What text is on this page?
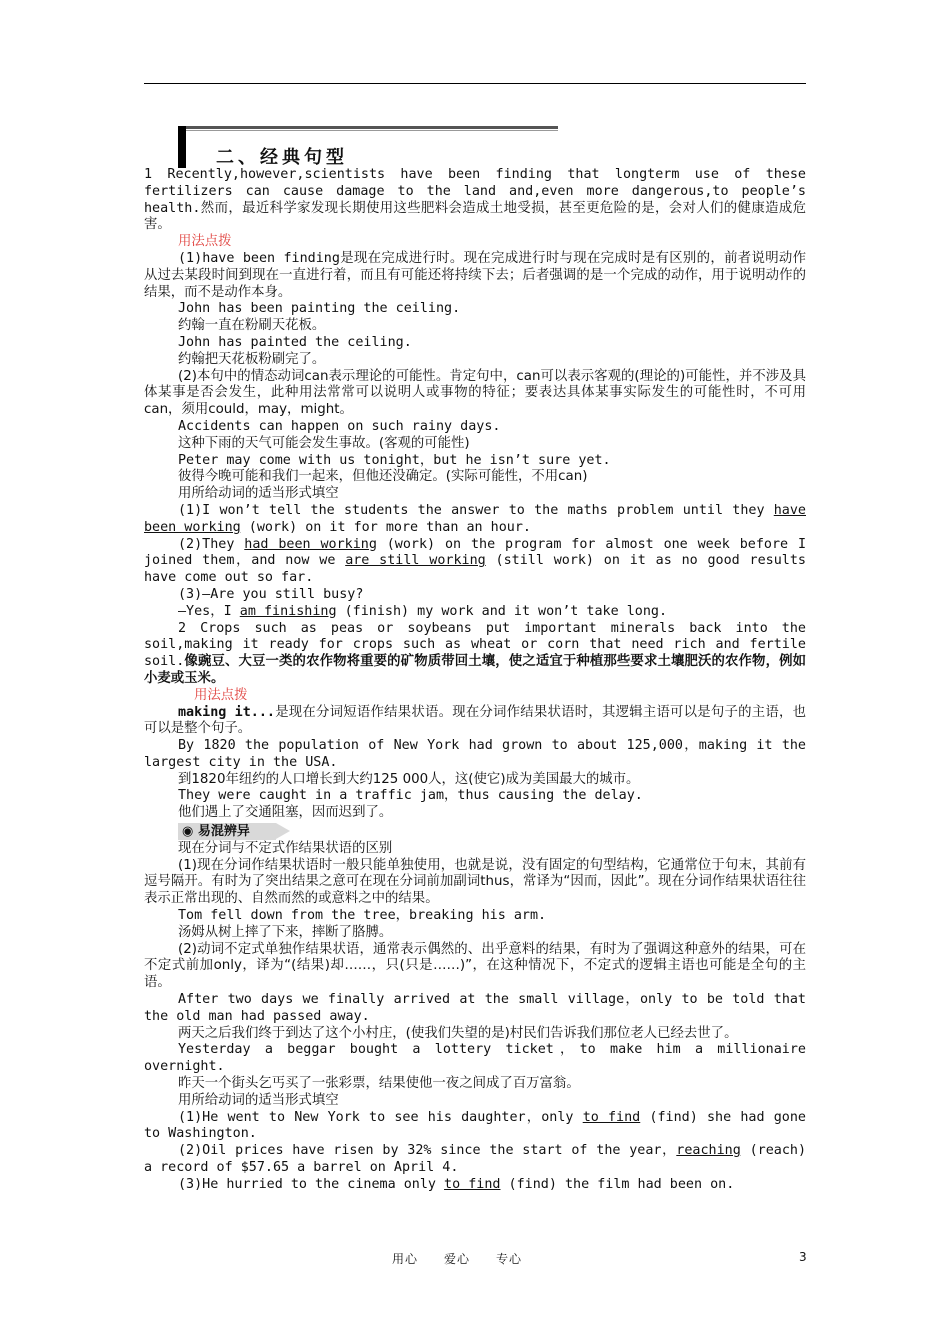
二、经典句型

1 Recently,however,scientists have been finding that longterm use of these fertilizers can cause damage to the land and,even more dangerous,to people’s health.然而，最近科学家发现长期使用这些肥料会造成土地受损，甚至更危险的是，会对人们的健康造成危害。

用法点拨

(1)have been finding是现在完成进行时。现在完成进行时与现在完成时是有区别的，前者说明动作从过去某段时间到现在一直进行着，而且有可能还将持续下去；后者强调的是一个完成的动作，用于说明动作的结果，而不是动作本身。

John has been painting the ceiling.

约翰一直在粉刷天花板。

John has painted the ceiling.

约翰把天花板粉刷完了。

(2)本句中的情态动词can表示理论的可能性。肯定句中，can可以表示客观的(理论的)可能性，并不涉及具体某事是否会发生，此种用法常常可以说明人或事物的特征；要表达具体某事实际发生的可能性时，不可用can，须用could，may，might。

Accidents can happen on such rainy days.

这种下雨的天气可能会发生事故。(客观的可能性)

Peter may come with us tonight，but he isn’t sure yet.

彼得今晚可能和我们一起来，但他还没确定。(实际可能性，不用can)

用所给动词的适当形式填空

(1)I won’t tell the students the answer to the maths problem until they have been working (work) on it for more than an hour.

(2)They had been working (work) on the program for almost one week before I joined them，and now we are still working (still work) on it as no good results have come out so far.

(3)—Are you still busy?

—Yes，I am finishing (finish) my work and it won’t take long.

2 Crops such as peas or soybeans put important minerals back into the soil,making it ready for crops such as wheat or corn that need rich and fertile soil.像豌豆、大豆一类的农作物将重要的矿物质带回土壤，使之适宜于种植那些要求土壤肥沃的农作物，例如小麦或玉米。

用法点拨

making it...是现在分词短语作结果状语。现在分词作结果状语时，其逻辑主语可以是句子的主语，也可以是整个句子。

By 1820 the population of New York had grown to about 125,000，making it the largest city in the USA.

到1820年纽约的人口增长到大约125 000人，这(使它)成为美国最大的城市。

They were caught in a traffic jam，thus causing the delay.

他们遇上了交通阻塞，因而迟到了。

◉ 易混辨异

现在分词与不定式作结果状语的区别

(1)现在分词作结果状语时一般只能单独使用，也就是说，没有固定的句型结构，它通常位于句末，其前有逗号隔开。有时为了突出结果之意可在现在分词前加副词thus，常译为“因而，因此”。现在分词作结果状语往往表示正常出现的、自然而然的或意料之中的结果。

Tom fell down from the tree，breaking his arm.

汤姆从树上摔了下来，摔断了胳膊。

(2)动词不定式单独作结果状语，通常表示偶然的、出乎意料的结果，有时为了强调这种意外的结果，可在不定式前加only，译为“(结果)却……，只(只是……)”，在这种情况下，不定式的逻辑主语也可能是全句的主语。

After two days we finally arrived at the small village，only to be told that the old man had passed away.

两天之后我们终于到达了这个小村庄，(使我们失望的是)村民们告诉我们那位老人已经去世了。

Yesterday a beggar bought a lottery ticket，to make him a millionaire overnight.

昨天一个街头乞丐买了一张彩票，结果使他一夜之间成了百万富翁。

用所给动词的适当形式填空

(1)He went to New York to see his daughter，only to find (find) she had gone to Washington.

(2)Oil prices have risen by 32% since the start of the year，reaching (reach) a record of $57.65 a barrel on April 4.

(3)He hurried to the cinema only to find (find) the film had been on.

用心　　爱心　　专心	3
